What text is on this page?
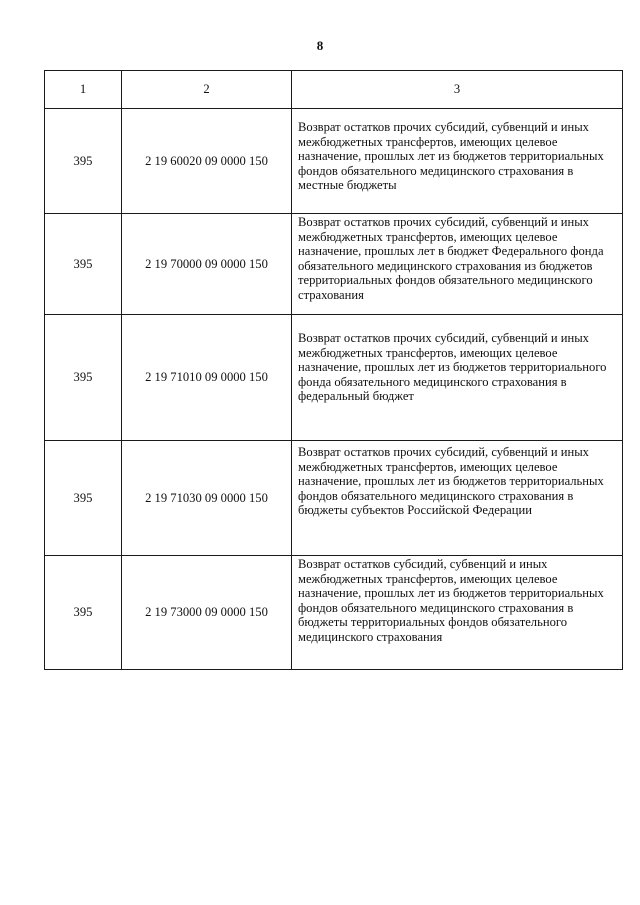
8
1	2	3
395	2 19 60020 09 0000 150	Возврат остатков прочих субсидий, субвенций и иных межбюджетных трансфертов, имеющих целевое назначение, прошлых лет из бюджетов территориальных фондов обязательного медицинского страхования в местные бюджеты
395	2 19 70000 09 0000 150	Возврат остатков прочих субсидий, субвенций и иных межбюджетных трансфертов, имеющих целевое назначение, прошлых лет в бюджет Федерального фонда обязательного медицинского страхования из бюджетов территориальных фондов обязательного медицинского страхования
395	2 19 71010 09 0000 150	Возврат остатков прочих субсидий, субвенций и иных межбюджетных трансфертов, имеющих целевое назначение, прошлых лет из бюджетов территориального фонда обязательного медицинского страхования в федеральный бюджет
395	2 19 71030 09 0000 150	Возврат остатков прочих субсидий, субвенций и иных межбюджетных трансфертов, имеющих целевое назначение, прошлых лет из бюджетов территориальных фондов обязательного медицинского страхования в бюджеты субъектов Российской Федерации
395	2 19 73000 09 0000 150	Возврат остатков субсидий, субвенций и иных межбюджетных трансфертов, имеющих целевое назначение, прошлых лет из бюджетов территориальных фондов обязательного медицинского страхования в бюджеты территориальных фондов обязательного медицинского страхования
